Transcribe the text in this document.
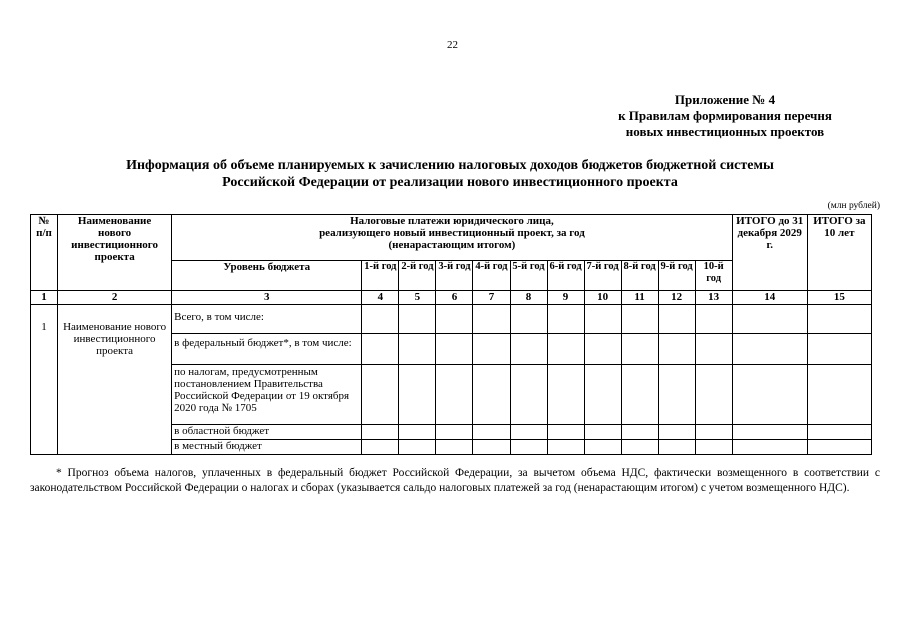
22
Приложение № 4
к Правилам формирования перечня
новых инвестиционных проектов
Информация об объеме планируемых к зачислению налоговых доходов бюджетов бюджетной системы
Российской Федерации от реализации нового инвестиционного проекта
(млн рублей)
№ п/п	Наименование нового инвестиционного проекта	Налоговые платежи юридического лица,
реализующего новый инвестиционный проект, за год
(ненарастающим итогом)											ИТОГО до 31 декабря 2029 г.	ИТОГО за 10 лет
		Уровень бюджета	1-й год	2-й год	3-й год	4-й год	5-й год	6-й год	7-й год	8-й год	9-й год	10-й год		
1	2	3	4	5	6	7	8	9	10	11	12	13	14	15
1	Наименование нового инвестиционного проекта	Всего, в том числе:												
		в федеральный бюджет*, в том числе:												
		по налогам, предусмотренным постановлением Правительства Российской Федерации от 19 октября 2020 года № 1705												
		в областной бюджет												
		в местный бюджет												
* Прогноз объема налогов, уплаченных в федеральный бюджет Российской Федерации, за вычетом объема НДС, фактически возмещенного в соответствии с законодательством Российской Федерации о налогах и сборах (указывается сальдо налоговых платежей за год (ненарастающим итогом) с учетом возмещенного НДС).
